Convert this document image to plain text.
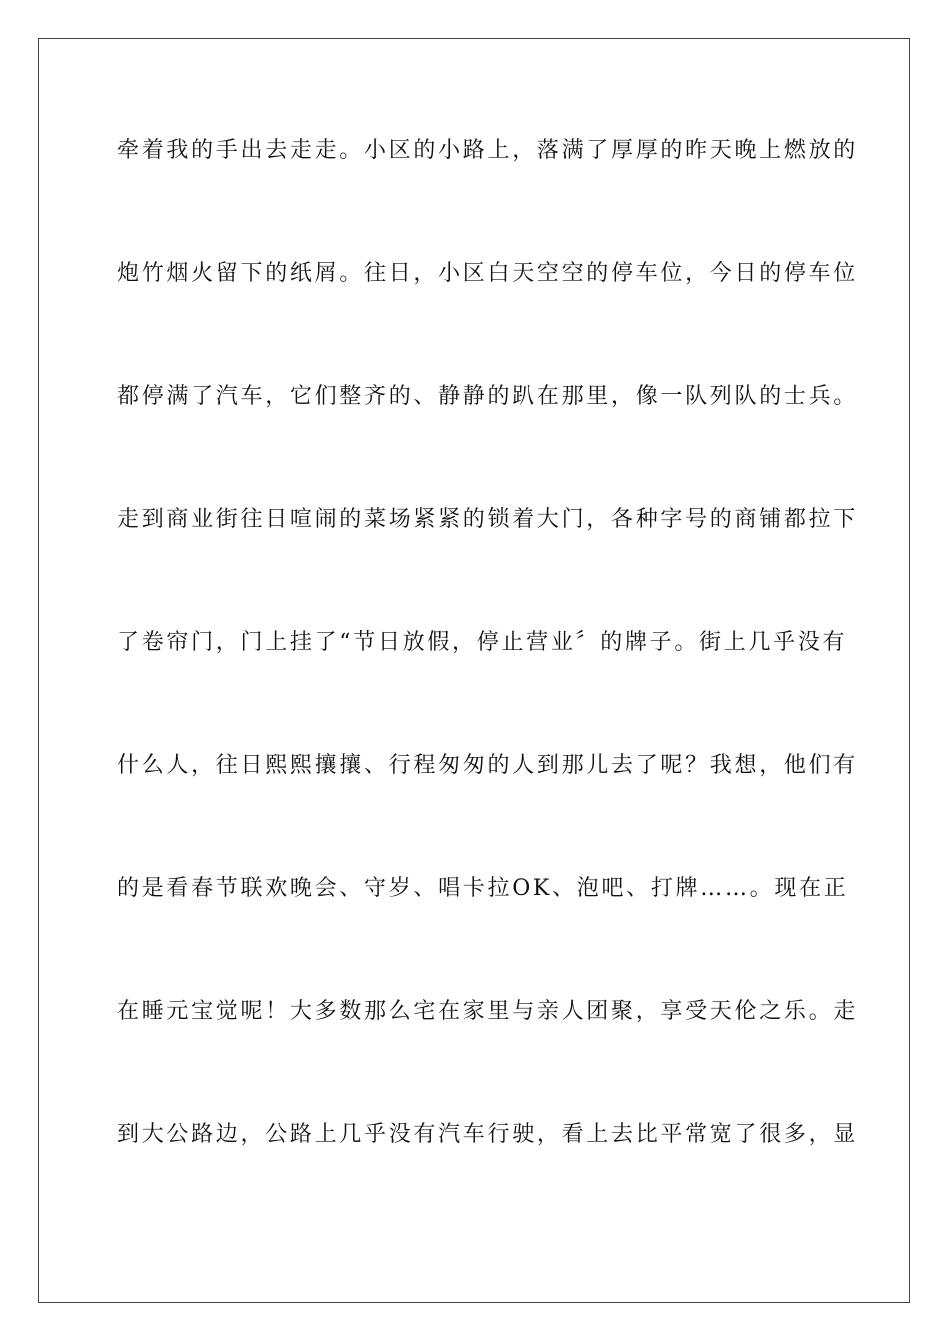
牵着我的手出去走走。小区的小路上，落满了厚厚的昨天晚上燃放的
炮竹烟火留下的纸屑。往日，小区白天空空的停车位，今日的停车位
都停满了汽车，它们整齐的、静静的趴在那里，像一队列队的士兵。
走到商业街往日喧闹的菜场紧紧的锁着大门，各种字号的商铺都拉下
了卷帘门，门上挂了“节日放假，停止营业〞的牌子。街上几乎没有
什么人，往日熙熙攘攘、行程匆匆的人到那儿去了呢？我想，他们有
的是看春节联欢晚会、守岁、唱卡拉OK、泡吧、打牌……。现在正
在睡元宝觉呢！大多数那么宅在家里与亲人团聚，享受天伦之乐。走
到大公路边，公路上几乎没有汽车行驶，看上去比平常宽了很多，显
